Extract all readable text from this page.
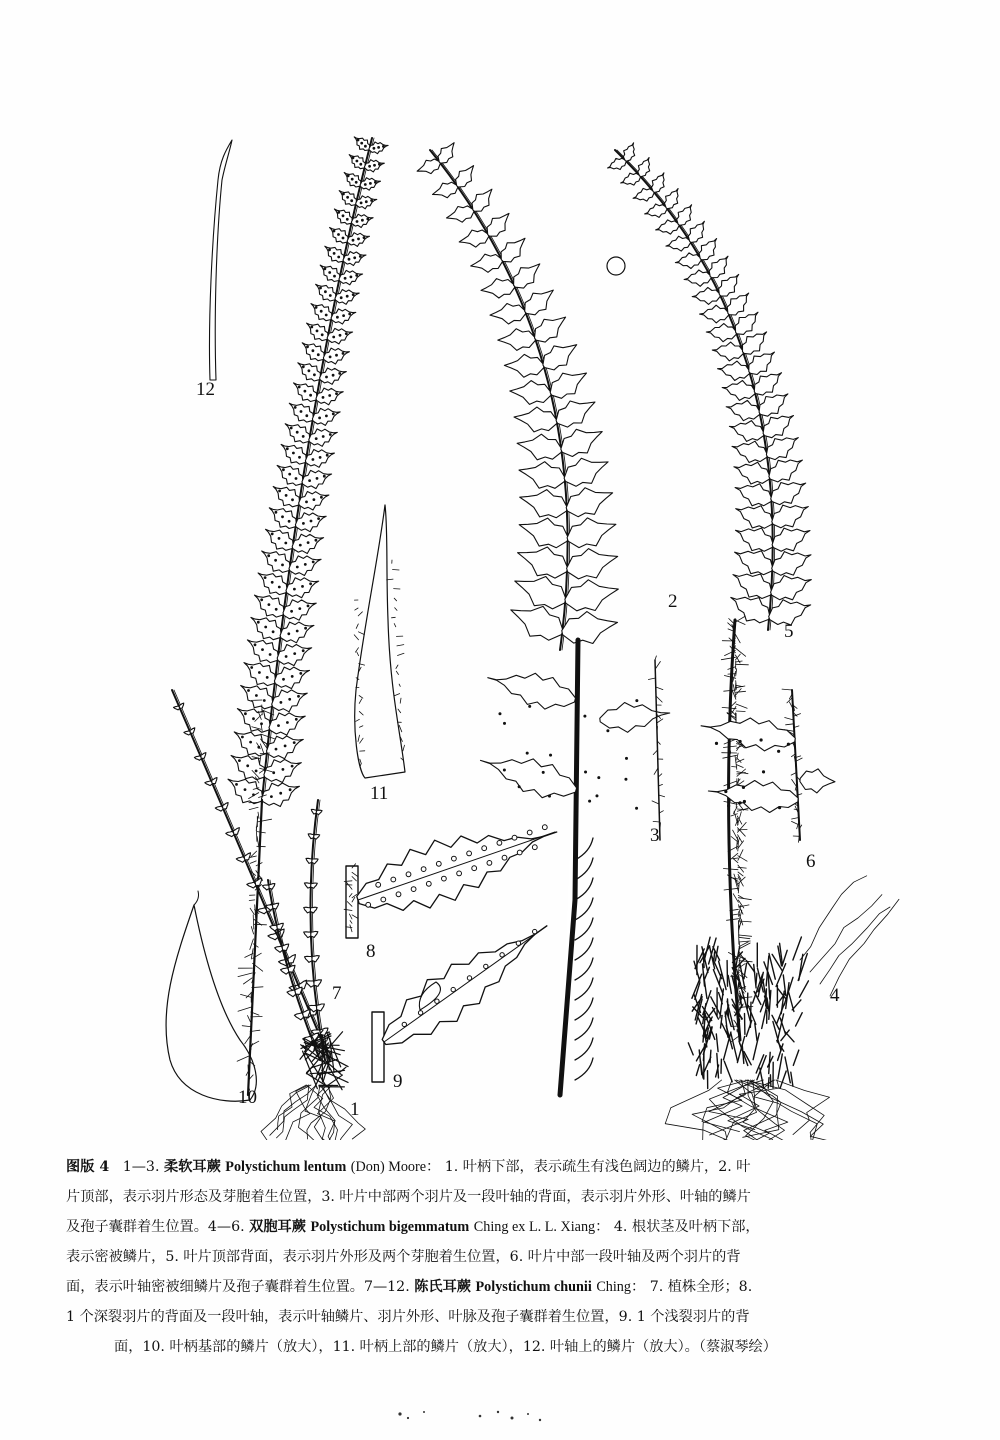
12
2
5
11
3
6
8
7	4
9
10
1
图版 4 1—3. 柔软耳蕨 Polystichum lentum (Don) Moore： 1. 叶柄下部，表示疏生有浅色阔边的鳞片，2. 叶
片顶部，表示羽片形态及芽胞着生位置，3. 叶片中部两个羽片及一段叶轴的背面，表示羽片外形、叶轴的鳞片
及孢子囊群着生位置。4—6. 双胞耳蕨 Polystichum bigemmatum Ching ex L. L. Xiang： 4. 根状茎及叶柄下部，
表示密被鳞片，5. 叶片顶部背面，表示羽片外形及两个芽胞着生位置，6. 叶片中部一段叶轴及两个羽片的背
面，表示叶轴密被细鳞片及孢子囊群着生位置。7—12. 陈氏耳蕨 Polystichum chunii Ching： 7. 植株全形；8.
1 个深裂羽片的背面及一段叶轴，表示叶轴鳞片、羽片外形、叶脉及孢子囊群着生位置，9. 1 个浅裂羽片的背
面，10. 叶柄基部的鳞片（放大），11. 叶柄上部的鳞片（放大），12. 叶轴上的鳞片（放大）。（蔡淑琴绘）
